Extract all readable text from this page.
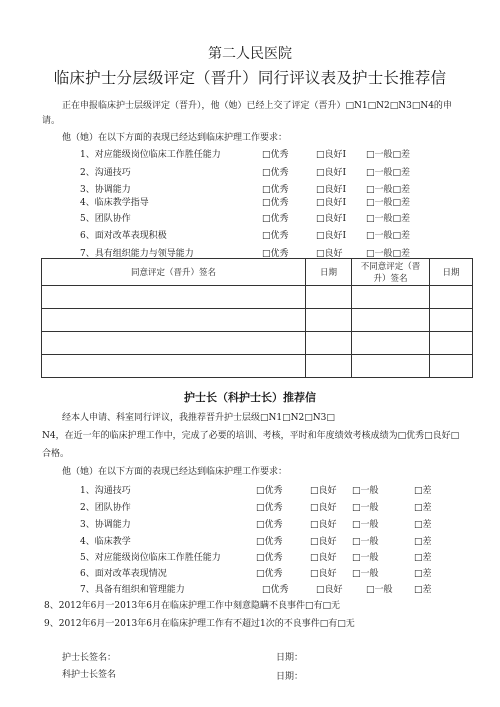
第二人民医院
临床护士分层级评定（晋升）同行评议表及护士长推荐信
正在申报临床护士层级评定（晋升），他（她）已经上交了评定（晋升）□N1□N2□N3□N4的申
请。
他（她）在以下方面的表现已经达到临床护理工作要求：
1、对应能级岗位临床工作胜任能力	□优秀	□良好I □一般□差
2、沟通技巧	□优秀	□良好I □一般□差
3、协调能力	□优秀	□良好I □一般□差
4、临床教学指导	□优秀	□良好I □一般□差
5、团队协作	□优秀	□良好I □一般□差
6、面对改革表现积极	□优秀	□良好I □一般□差
7、具有组织能力与领导能力	□优秀	□良好	□一般□差
同意评定（晋升）签名	日期	不同意评定（晋
升）签名	日期

护士长（科护士长）推荐信
经本人申请、科室同行评议，我推荐晋升护士层级□N1□N2□N3□
N4，在近一年的临床护理工作中，完成了必要的培训、考核，平时和年度绩效考核成绩为□优秀□良好□
合格。
他（她）在以下方面的表现已经达到临床护理工作要求：
1、沟通技巧	□优秀	□良好 □一般	□差
2、团队协作	□优秀	□良好 □一般	□差
3、协调能力	□优秀	□良好 □一般	□差
4、临床教学	□优秀	□良好 □一般	□差
5、对应能级岗位临床工作胜任能力	□优秀	□良好 □一般	□差
6、面对改革表现情况	□优秀	□良好 □一般	□差
7、具备有组织和管理能力	□优秀	□良好	□一般 □差
8、2012年6月一2013年6月在临床护理工作中刻意隐瞒不良事件□有□无
9、2012年6月一2013年6月在临床护理工作有不超过1次的不良事件□有□无
护士长签名：	日期：
科护士长签名	日期：
